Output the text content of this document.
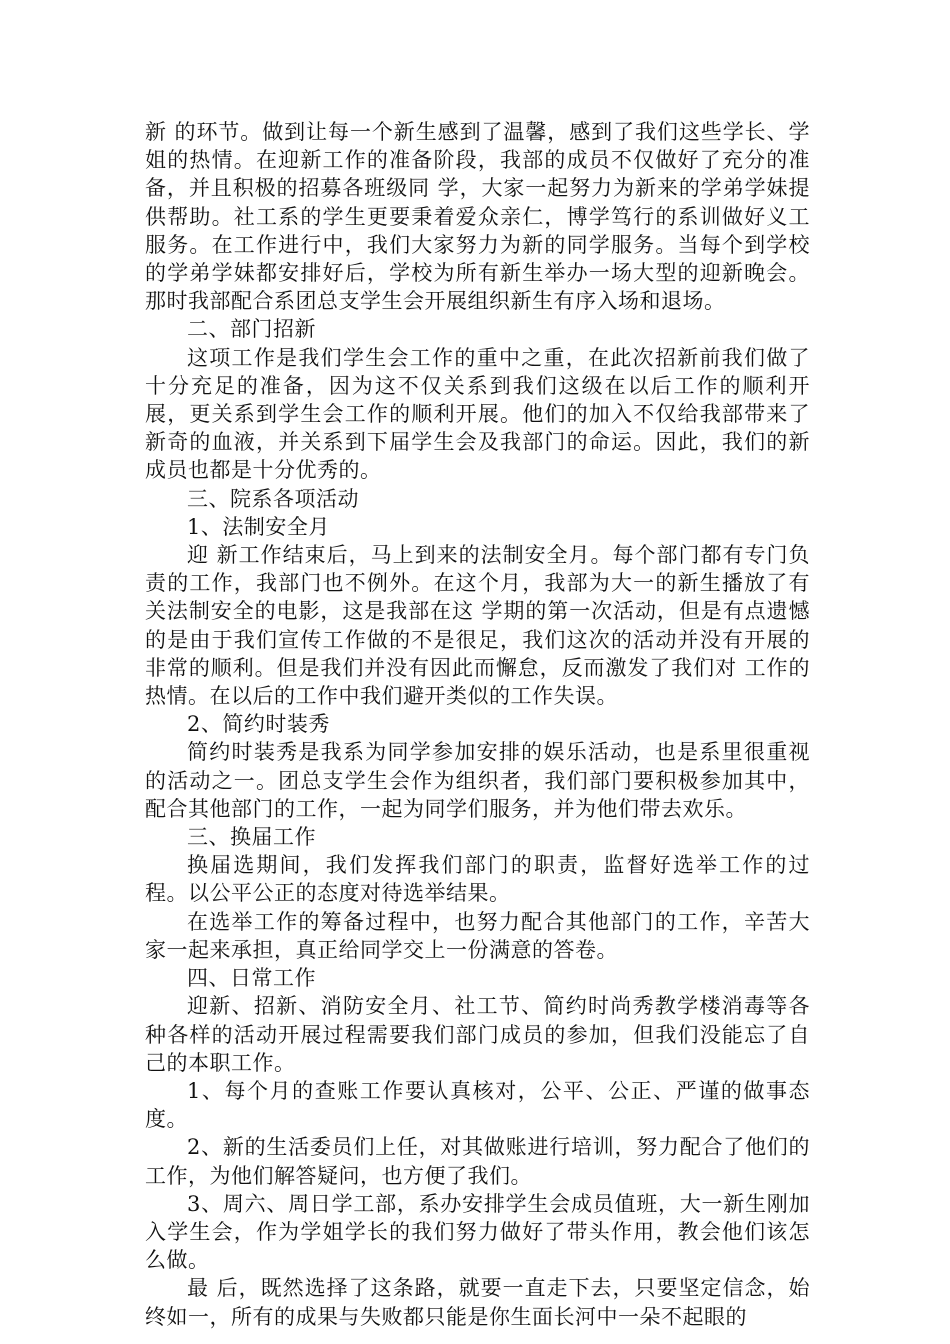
新 的环节。做到让每一个新生感到了温馨，感到了我们这些学长、学姐的热情。在迎新工作的准备阶段，我部的成员不仅做好了充分的准备，并且积极的招募各班级同 学，大家一起努力为新来的学弟学妹提供帮助。社工系的学生更要秉着爱众亲仁，博学笃行的系训做好义工服务。在工作进行中，我们大家努力为新的同学服务。当每个到学校的学弟学妹都安排好后，学校为所有新生举办一场大型的迎新晚会。那时我部配合系团总支学生会开展组织新生有序入场和退场。

二、部门招新

这项工作是我们学生会工作的重中之重，在此次招新前我们做了十分充足的准备，因为这不仅关系到我们这级在以后工作的顺利开展，更关系到学生会工作的顺利开展。他们的加入不仅给我部带来了新奇的血液，并关系到下届学生会及我部门的命运。因此，我们的新成员也都是十分优秀的。

三、院系各项活动

1、法制安全月

迎 新工作结束后，马上到来的法制安全月。每个部门都有专门负责的工作，我部门也不例外。在这个月，我部为大一的新生播放了有关法制安全的电影，这是我部在这 学期的第一次活动，但是有点遗憾的是由于我们宣传工作做的不是很足，我们这次的活动并没有开展的非常的顺利。但是我们并没有因此而懈怠，反而激发了我们对 工作的热情。在以后的工作中我们避开类似的工作失误。

2、简约时装秀

简约时装秀是我系为同学参加安排的娱乐活动，也是系里很重视的活动之一。团总支学生会作为组织者，我们部门要积极参加其中，配合其他部门的工作，一起为同学们服务，并为他们带去欢乐。

三、换届工作

换届选期间，我们发挥我们部门的职责，监督好选举工作的过程。以公平公正的态度对待选举结果。

在选举工作的筹备过程中，也努力配合其他部门的工作，辛苦大家一起来承担，真正给同学交上一份满意的答卷。

四、日常工作

迎新、招新、消防安全月、社工节、简约时尚秀教学楼消毒等各种各样的活动开展过程需要我们部门成员的参加，但我们没能忘了自己的本职工作。

1、每个月的查账工作要认真核对，公平、公正、严谨的做事态度。

2、新的生活委员们上任，对其做账进行培训，努力配合了他们的工作，为他们解答疑问，也方便了我们。

3、周六、周日学工部，系办安排学生会成员值班，大一新生刚加入学生会，作为学姐学长的我们努力做好了带头作用，教会他们该怎么做。

最 后，既然选择了这条路，就要一直走下去，只要坚定信念，始终如一，所有的成果与失败都只能是你生面长河中一朵不起眼的
